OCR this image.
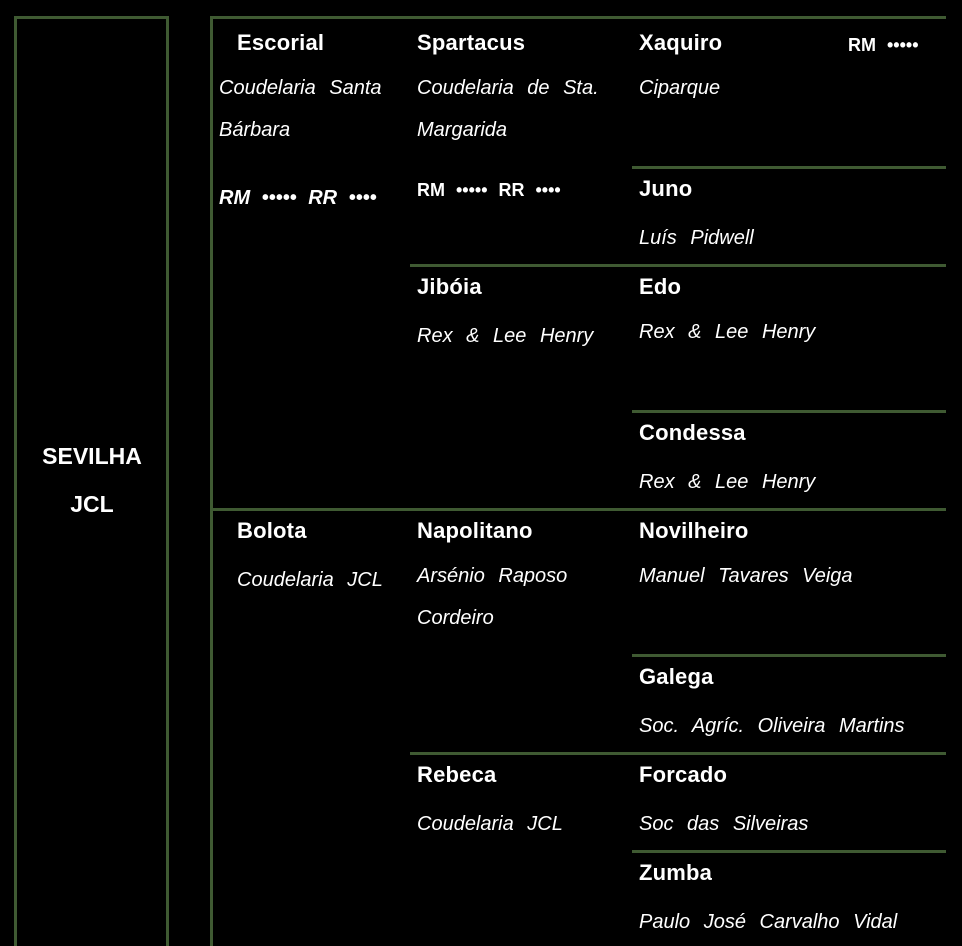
SEVILHA
JCL
Escorial
Coudelaria Santa Bárbara
RM ••••• RR ••••
Bolota
Coudelaria JCL
Spartacus
Coudelaria de Sta. Margarida
RM ••••• RR ••••
Jibóia
Rex & Lee Henry
Napolitano
Arsénio Raposo Cordeiro
Rebeca
Coudelaria JCL
Xaquiro	RM •••••
Ciparque
Juno
Luís Pidwell
Edo
Rex & Lee Henry
Condessa
Rex & Lee Henry
Novilheiro
Manuel Tavares Veiga
Galega
Soc. Agríc. Oliveira Martins
Forcado
Soc das Silveiras
Zumba
Paulo José Carvalho Vidal
